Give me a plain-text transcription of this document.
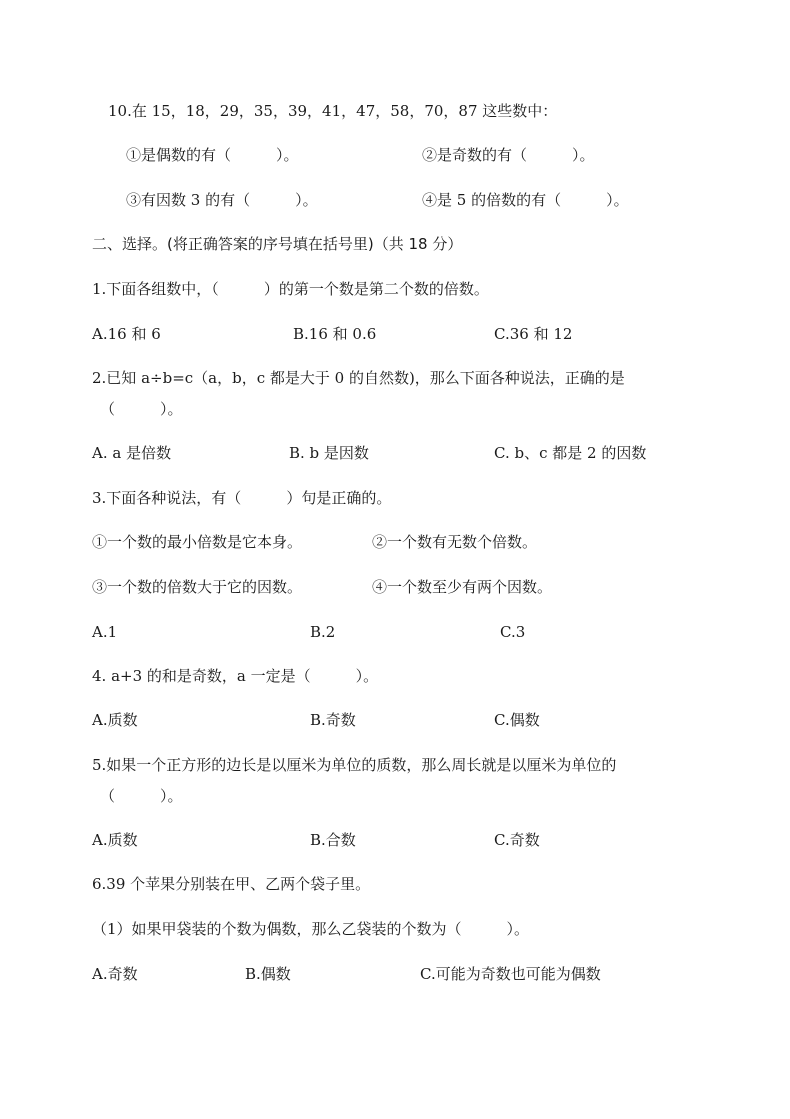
10.在 15，18，29，35，39，41，47，58，70，87 这些数中：
①是偶数的有（　　　）。	②是奇数的有（　　　）。
③有因数 3 的有（　　　）。	④是 5 的倍数的有（　　　）。
二、选择。(将正确答案的序号填在括号里)（共 18 分）
1.下面各组数中，（　　　）的第一个数是第二个数的倍数。
A.16 和 6	B.16 和 0.6	C.36 和 12
2.已知 a÷b=c（a，b，c 都是大于 0 的自然数)，那么下面各种说法，正确的是
（　　　）。
A. a 是倍数	B. b 是因数	C. b、c 都是 2 的因数
3.下面各种说法，有（　　　）句是正确的。
①一个数的最小倍数是它本身。	②一个数有无数个倍数。
③一个数的倍数大于它的因数。	④一个数至少有两个因数。
A.1	B.2	C.3
4. a+3 的和是奇数，a 一定是（　　　）。
A.质数	B.奇数	C.偶数
5.如果一个正方形的边长是以厘米为单位的质数，那么周长就是以厘米为单位的
（　　　）。
A.质数	B.合数	C.奇数
6.39 个苹果分别装在甲、乙两个袋子里。
（1）如果甲袋装的个数为偶数，那么乙袋装的个数为（　　　）。
A.奇数	B.偶数	C.可能为奇数也可能为偶数
